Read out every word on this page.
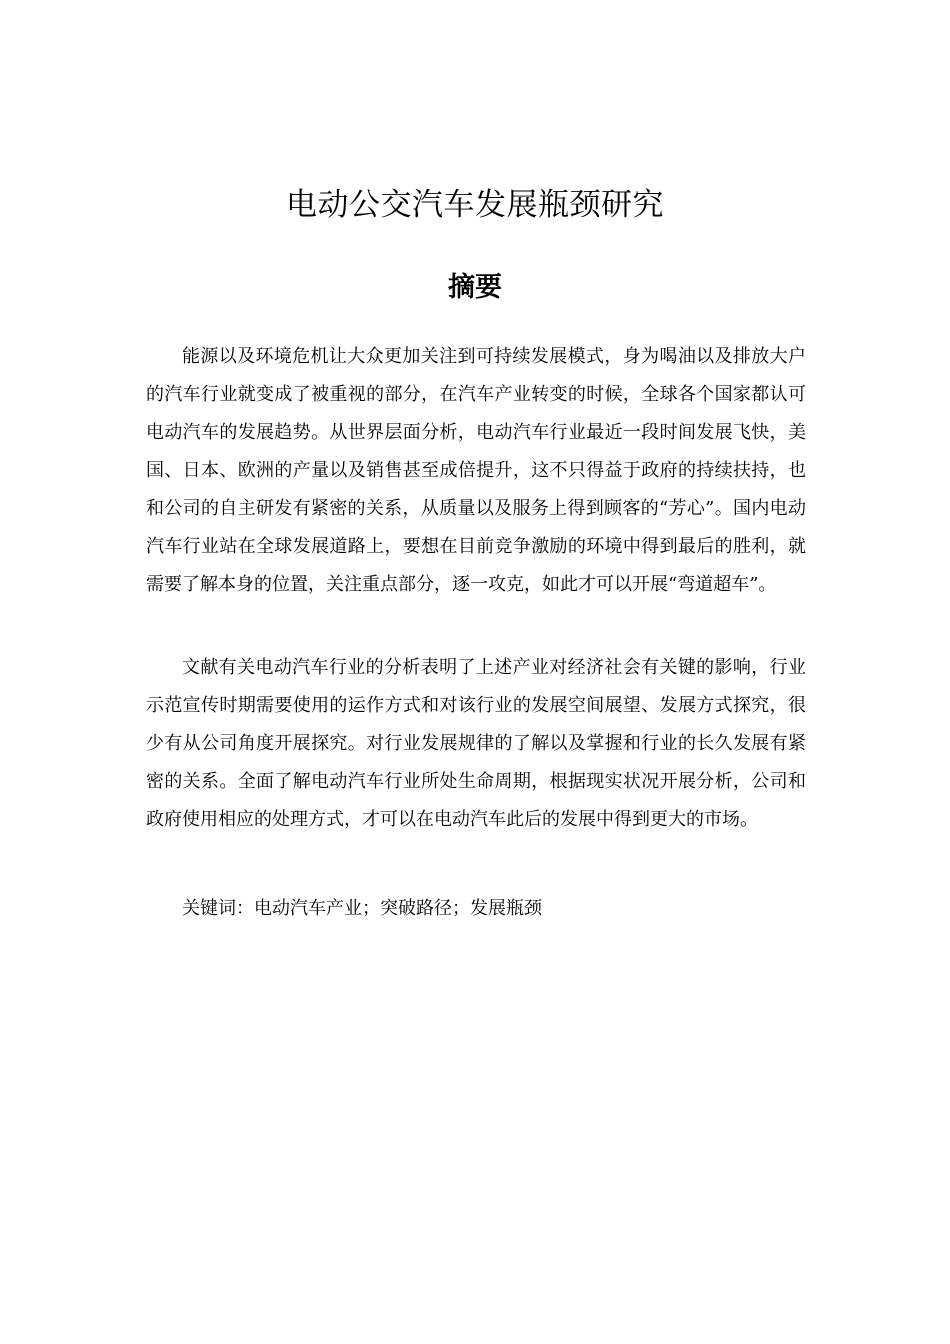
电动公交汽车发展瓶颈研究
摘要

能源以及环境危机让大众更加关注到可持续发展模式，身为喝油以及排放大户的汽车行业就变成了被重视的部分，在汽车产业转变的时候，全球各个国家都认可电动汽车的发展趋势。从世界层面分析，电动汽车行业最近一段时间发展飞快，美国、日本、欧洲的产量以及销售甚至成倍提升，这不只得益于政府的持续扶持，也和公司的自主研发有紧密的关系，从质量以及服务上得到顾客的“芳心”。国内电动汽车行业站在全球发展道路上，要想在目前竞争激励的环境中得到最后的胜利，就需要了解本身的位置，关注重点部分，逐一攻克，如此才可以开展“弯道超车”。

文献有关电动汽车行业的分析表明了上述产业对经济社会有关键的影响，行业示范宣传时期需要使用的运作方式和对该行业的发展空间展望、发展方式探究，很少有从公司角度开展探究。对行业发展规律的了解以及掌握和行业的长久发展有紧密的关系。全面了解电动汽车行业所处生命周期，根据现实状况开展分析，公司和政府使用相应的处理方式，才可以在电动汽车此后的发展中得到更大的市场。

关键词：电动汽车产业；突破路径；发展瓶颈
